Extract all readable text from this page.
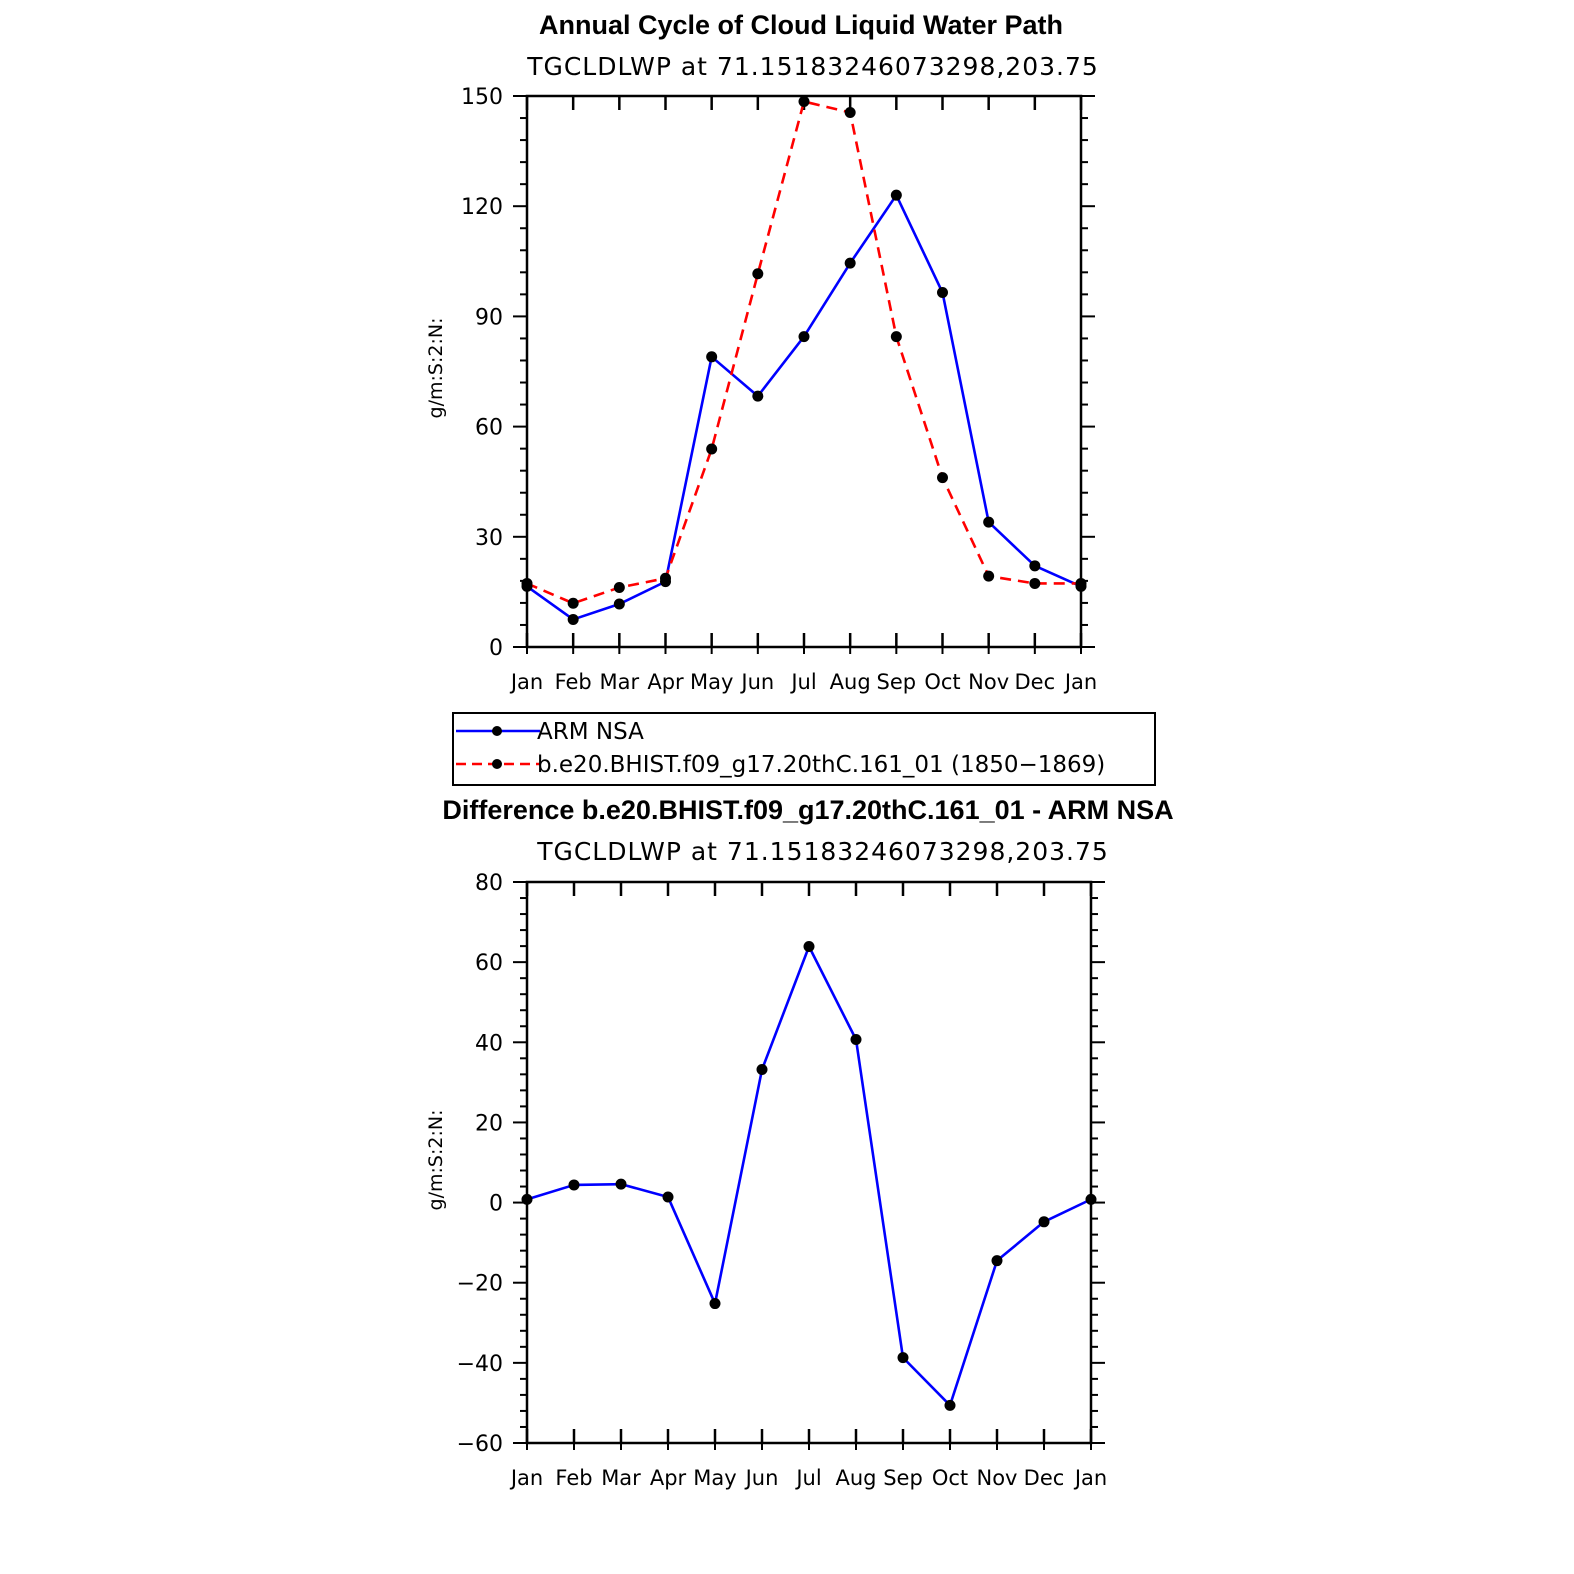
Annual Cycle of Cloud Liquid Water Path
TGCLDLWP at 71.15183246073298,203.75
g/m:S:2:N:
Jan Feb Mar Apr May Jun Jul Aug Sep Oct Nov Dec Jan
0
30
60
90
120
150
ARM NSA
b.e20.BHIST.f09_g17.20thC.161_01 (1850−1869)
Difference b.e20.BHIST.f09_g17.20thC.161_01 - ARM NSA
TGCLDLWP at 71.15183246073298,203.75
g/m:S:2:N:
Jan Feb Mar Apr May Jun Jul Aug Sep Oct Nov Dec Jan
−60
−40
−20
0
20
40
60
80
